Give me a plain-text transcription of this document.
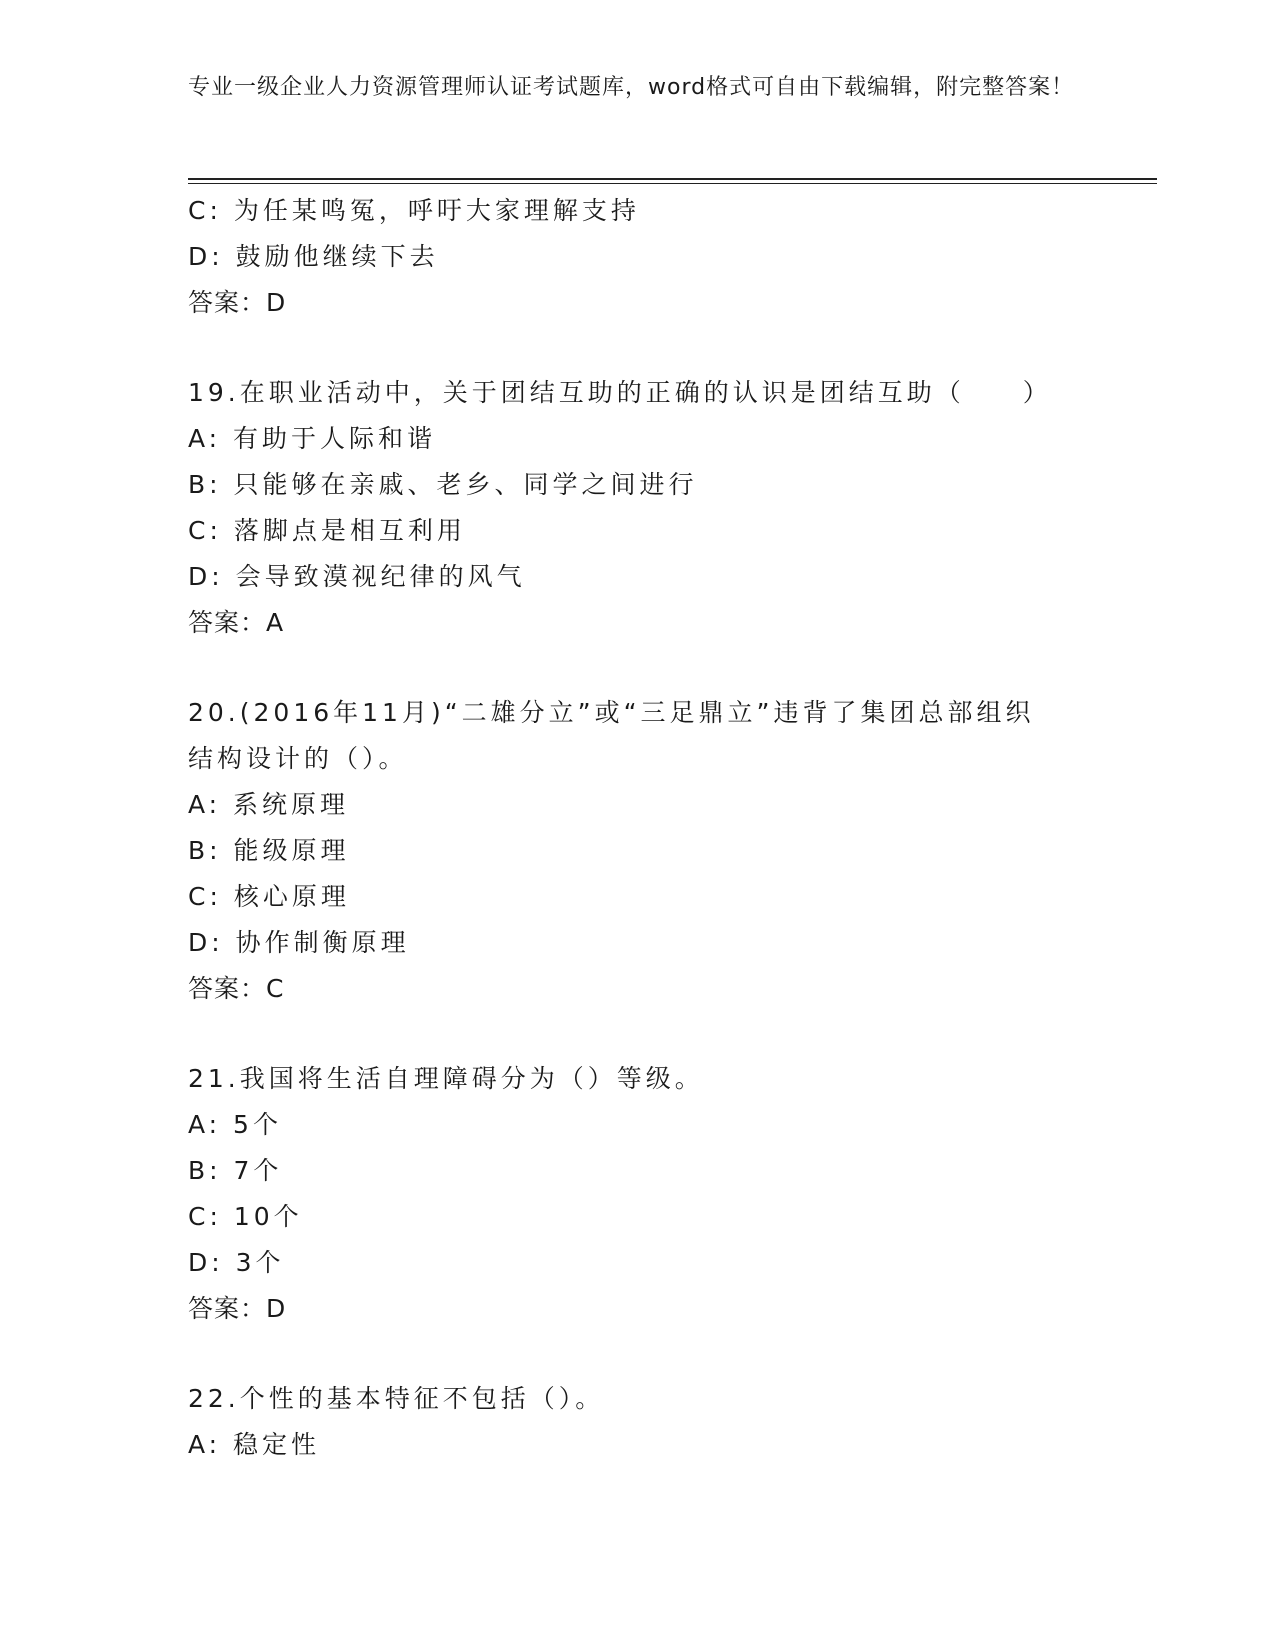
专业一级企业人力资源管理师认证考试题库，word格式可自由下载编辑，附完整答案！
C: 为任某鸣冤，呼吁大家理解支持
D: 鼓励他继续下去
答案：D
19.在职业活动中，关于团结互助的正确的认识是团结互助（　　）
A: 有助于人际和谐
B: 只能够在亲戚、老乡、同学之间进行
C: 落脚点是相互利用
D: 会导致漠视纪律的风气
答案：A
20.(2016年11月)“二雄分立”或“三足鼎立”违背了集团总部组织
结构设计的（）。
A: 系统原理
B: 能级原理
C: 核心原理
D: 协作制衡原理
答案：C
21.我国将生活自理障碍分为（）等级。
A: 5个
B: 7个
C: 10个
D: 3个
答案：D
22.个性的基本特征不包括（）。
A: 稳定性
